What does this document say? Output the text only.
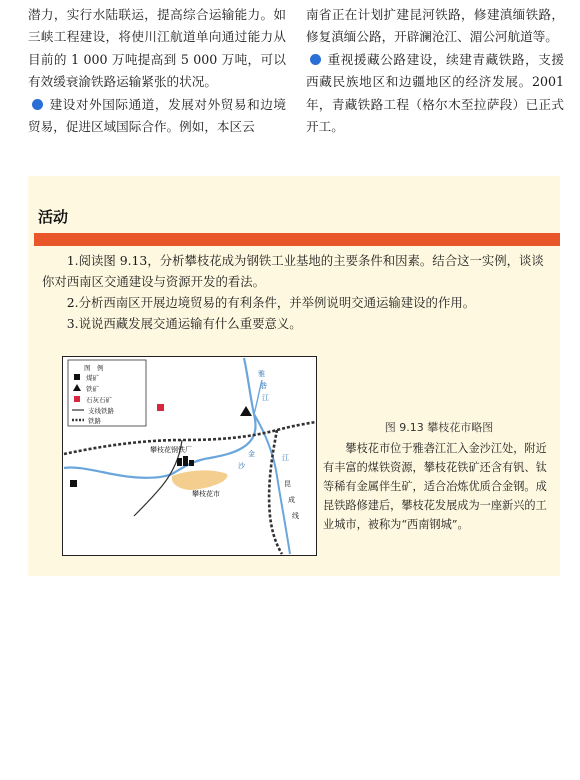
潜力，实行水陆联运，提高综合运输能力。如三峡工程建设，将使川江航道单向通过能力从目前的 1 000 万吨提高到 5 000 万吨，可以有效缓衰渝铁路运输紧张的状况。

建设对外国际通道，发展对外贸易和边境贸易，促进区域国际合作。例如，本区云

南省正在计划扩建昆河铁路，修建滇缅铁路，修复滇缅公路，开辟澜沧江、湄公河航道等。

重视援藏公路建设，续建青藏铁路，支援西藏民族地区和边疆地区的经济发展。2001 年，青藏铁路工程（格尔木至拉萨段）已正式开工。

活动

1.阅读图 9.13，分析攀枝花成为钢铁工业基地的主要条件和因素。结合这一实例，谈谈你对西南区交通建设与资源开发的看法。

2.分析西南区开展边境贸易的有利条件，并举例说明交通运输建设的作用。

3.说说西藏发展交通运输有什么重要意义。

图　例
煤矿
铁矿
石灰石矿
支线铁路
铁路
攀枝花钢铁厂
攀枝花市
雅
砻
江
金
沙
江
昆
成
线

图 9.13 攀枝花市略图

攀枝花市位于雅砻江汇入金沙江处，附近有丰富的煤铁资源，攀枝花铁矿还含有钒、钛等稀有金属伴生矿，适合冶炼优质合金钢。成昆铁路修建后，攀枝花发展成为一座新兴的工业城市，被称为“西南钢城”。
